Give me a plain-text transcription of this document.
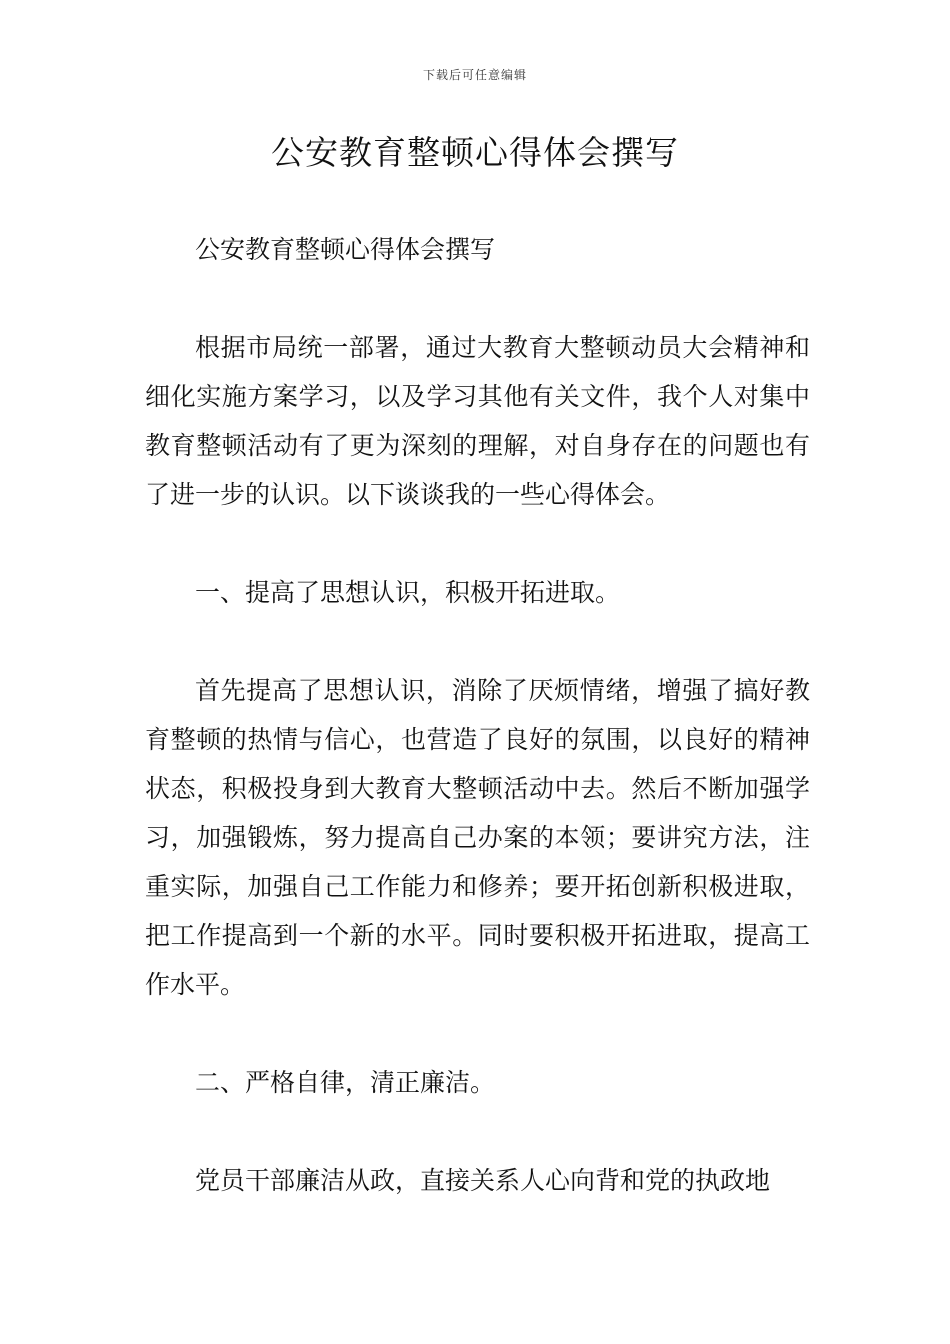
下载后可任意编辑
公安教育整顿心得体会撰写

公安教育整顿心得体会撰写

根据市局统一部署，通过大教育大整顿动员大会精神和细化实施方案学习，以及学习其他有关文件，我个人对集中教育整顿活动有了更为深刻的理解，对自身存在的问题也有了进一步的认识。以下谈谈我的一些心得体会。

一、提高了思想认识，积极开拓进取。

首先提高了思想认识，消除了厌烦情绪，增强了搞好教育整顿的热情与信心，也营造了良好的氛围，以良好的精神状态，积极投身到大教育大整顿活动中去。然后不断加强学习，加强锻炼，努力提高自己办案的本领；要讲究方法，注重实际，加强自己工作能力和修养；要开拓创新积极进取，把工作提高到一个新的水平。同时要积极开拓进取，提高工作水平。

二、严格自律，清正廉洁。

党员干部廉洁从政，直接关系人心向背和党的执政地
